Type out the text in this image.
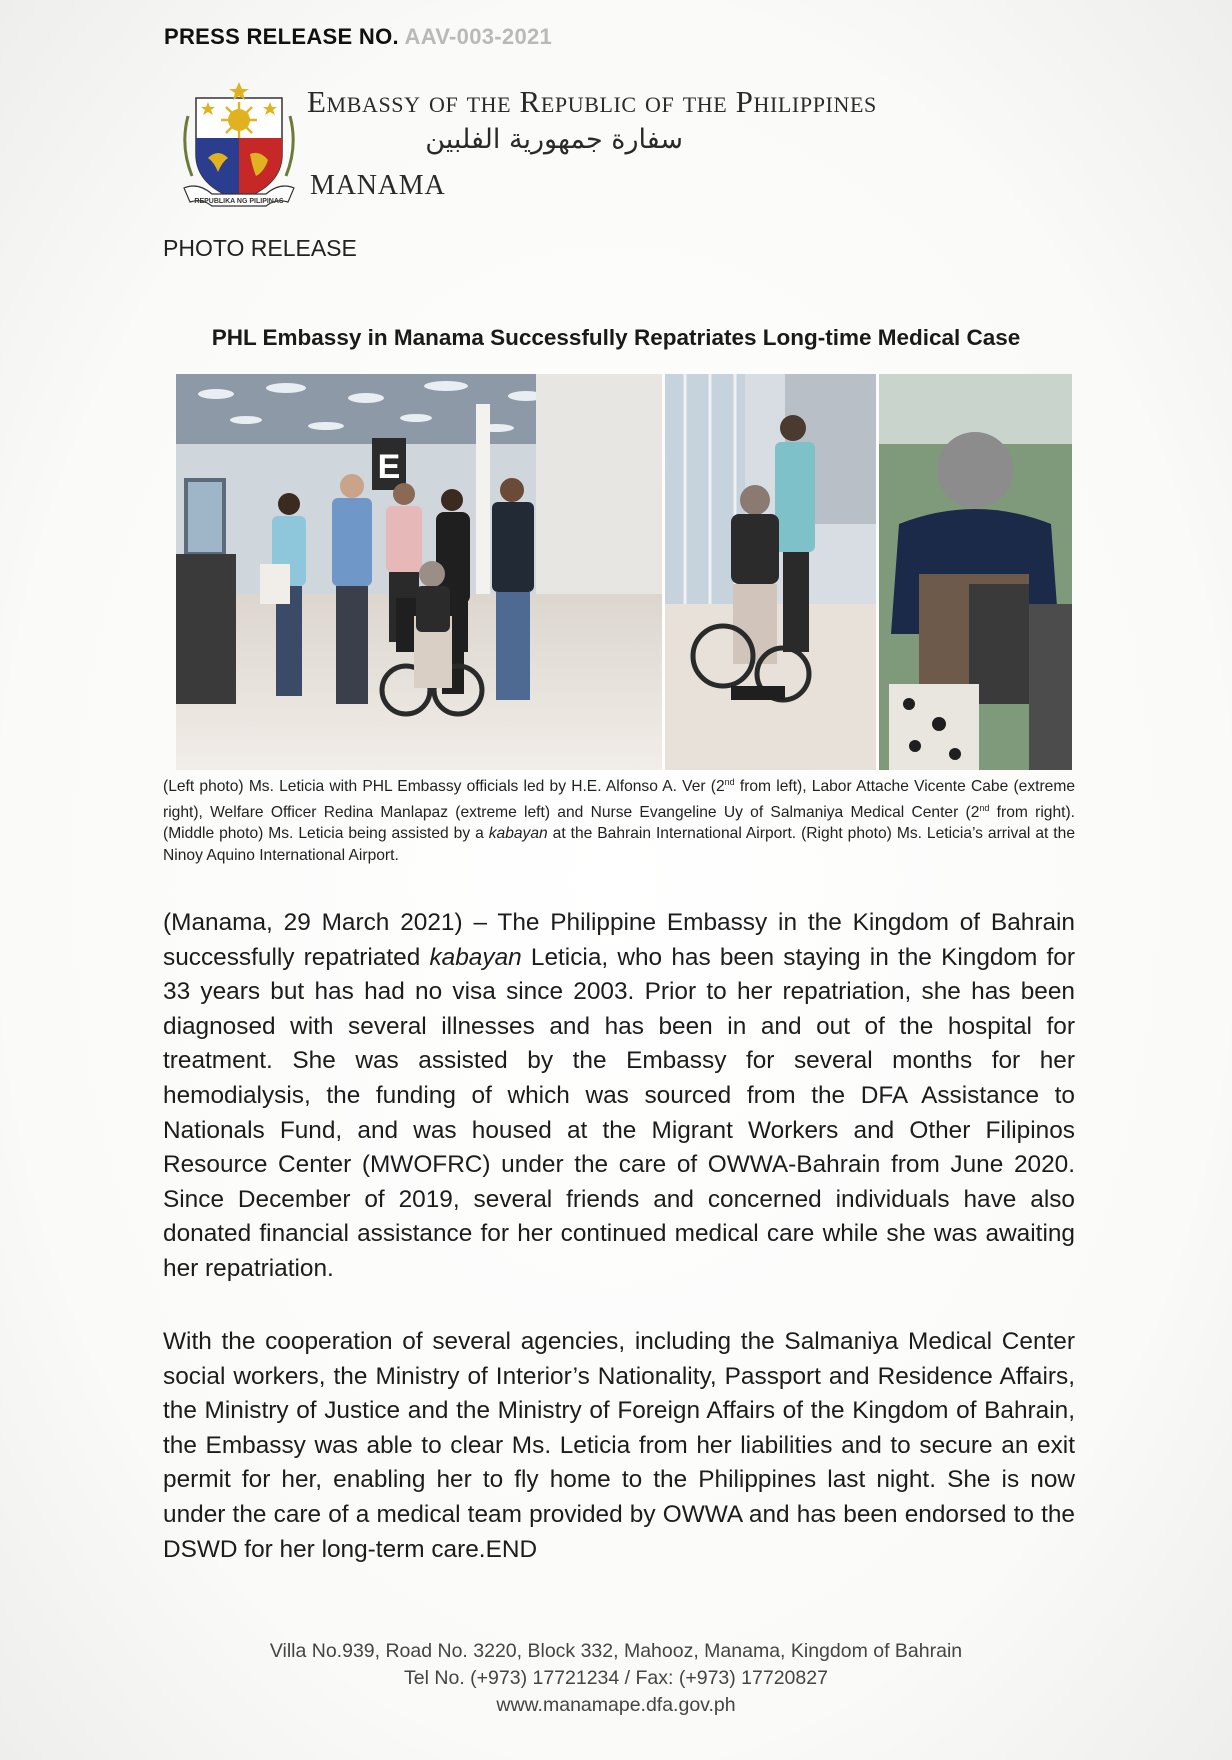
PRESS RELEASE NO. AAV-003-2021
REPUBLIKA NG PILIPINAS
Embassy of the Republic of the Philippines
سفارة جمهورية الفلبين
MANAMA
PHOTO RELEASE
PHL Embassy in Manama Successfully Repatriates Long-time Medical Case
E
(Left photo) Ms. Leticia with PHL Embassy officials led by H.E. Alfonso A. Ver (2nd from left), Labor Attache Vicente Cabe (extreme right), Welfare Officer Redina Manlapaz (extreme left) and Nurse Evangeline Uy of Salmaniya Medical Center (2nd from right). (Middle photo) Ms. Leticia being assisted by a kabayan at the Bahrain International Airport. (Right photo) Ms. Leticia’s arrival at the Ninoy Aquino International Airport.
(Manama, 29 March 2021) – The Philippine Embassy in the Kingdom of Bahrain successfully repatriated kabayan Leticia, who has been staying in the Kingdom for 33 years but has had no visa since 2003. Prior to her repatriation, she has been diagnosed with several illnesses and has been in and out of the hospital for treatment. She was assisted by the Embassy for several months for her hemodialysis, the funding of which was sourced from the DFA Assistance to Nationals Fund, and was housed at the Migrant Workers and Other Filipinos Resource Center (MWOFRC) under the care of OWWA-Bahrain from June 2020. Since December of 2019, several friends and concerned individuals have also donated financial assistance for her continued medical care while she was awaiting her repatriation.
With the cooperation of several agencies, including the Salmaniya Medical Center social workers, the Ministry of Interior’s Nationality, Passport and Residence Affairs, the Ministry of Justice and the Ministry of Foreign Affairs of the Kingdom of Bahrain, the Embassy was able to clear Ms. Leticia from her liabilities and to secure an exit permit for her, enabling her to fly home to the Philippines last night. She is now under the care of a medical team provided by OWWA and has been endorsed to the DSWD for her long-term care.END
Villa No.939, Road No. 3220, Block 332, Mahooz, Manama, Kingdom of Bahrain
Tel No. (+973) 17721234 / Fax: (+973) 17720827
www.manamape.dfa.gov.ph
